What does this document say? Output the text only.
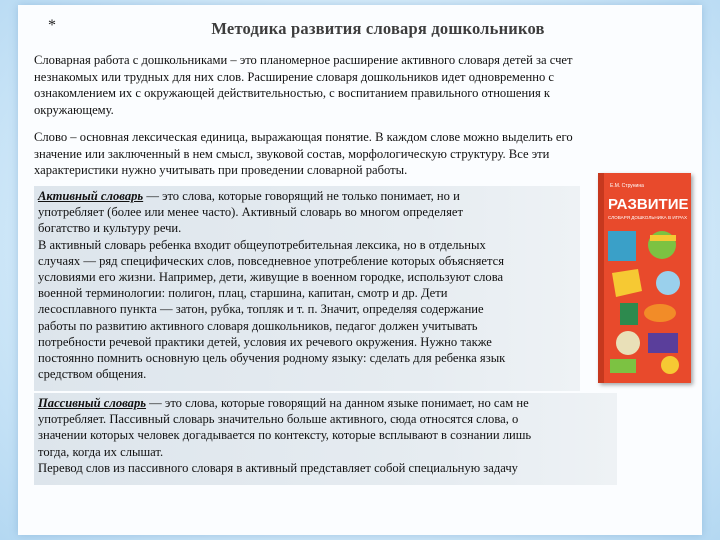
*	Методика развития словаря дошкольников

Словарная работа с дошкольниками – это планомерное расширение активного словаря детей за счет незнакомых или трудных для них слов. Расширение словаря дошкольников идет одновременно с ознакомлением их с окружающей действительностью, с воспитанием правильного отношения к окружающему.

Слово – основная лексическая единица, выражающая понятие. В каждом слове можно выделить его значение или заключенный в нем смысл, звуковой состав, морфологическую структуру. Все эти характеристики нужно учитывать при проведении словарной работы.

Активный словарь — это слова, которые говорящий не только понимает, но и
употребляет (более или менее часто). Активный словарь во многом определяет
богатство и культуру речи.
В активный словарь ребенка входит общеупотребительная лексика, но в отдельных
случаях — ряд специфических слов, повседневное употребление которых объясняется
условиями его жизни. Например, дети, живущие в военном городке, используют слова
военной терминологии: полигон, плац, старшина, капитан, смотр и др. Дети
лесосплавного пункта — затон, рубка, топляк и т. п. Значит, определяя содержание
работы по развитию активного словаря дошкольников, педагог должен учитывать
потребности речевой практики детей, условия их речевого окружения. Нужно также
постоянно помнить основную цель обучения родному языку: сделать для ребенка язык
средством общения.
Пассивный словарь — это слова, которые говорящий на данном языке понимает, но сам не
употребляет. Пассивный словарь значительно больше активного, сюда относятся слова, о
значении которых человек догадывается по контексту, которые всплывают в сознании лишь
тогда, когда их слышат.
Перевод слов из пассивного словаря в активный представляет собой специальную задачу
Е.М. Струнина
РАЗВИТИЕ
СЛОВАРЯ ДОШКОЛЬНИКА В ИГРАХ
